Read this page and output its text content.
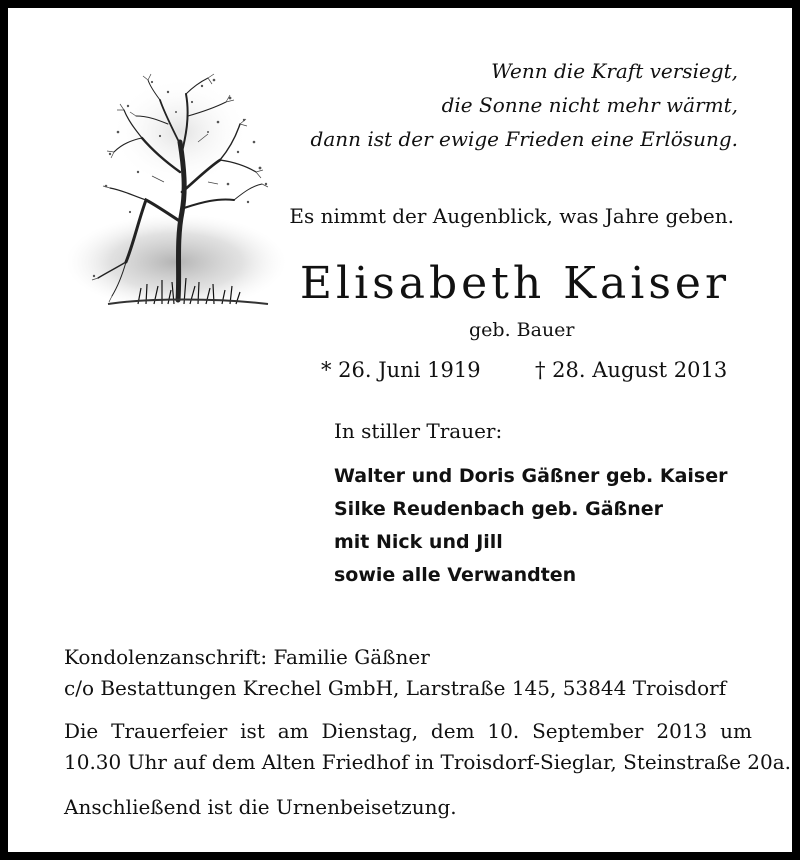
Wenn die Kraft versiegt,
die Sonne nicht mehr wärmt,
dann ist der ewige Frieden eine Erlösung.
Es nimmt der Augenblick, was Jahre geben.
Elisabeth Kaiser
geb. Bauer
* 26. Juni 1919	† 28. August 2013
In stiller Trauer:
Walter und Doris Gäßner geb. Kaiser
Silke Reudenbach geb. Gäßner
mit Nick und Jill
sowie alle Verwandten
Kondolenzanschrift: Familie Gäßner
c/o Bestattungen Krechel GmbH, Larstraße 145, 53844 Troisdorf
Die Trauerfeier ist am Dienstag, dem 10. September 2013 um
10.30 Uhr auf dem Alten Friedhof in Troisdorf-Sieglar, Steinstraße 20a.
Anschließend ist die Urnenbeisetzung.
